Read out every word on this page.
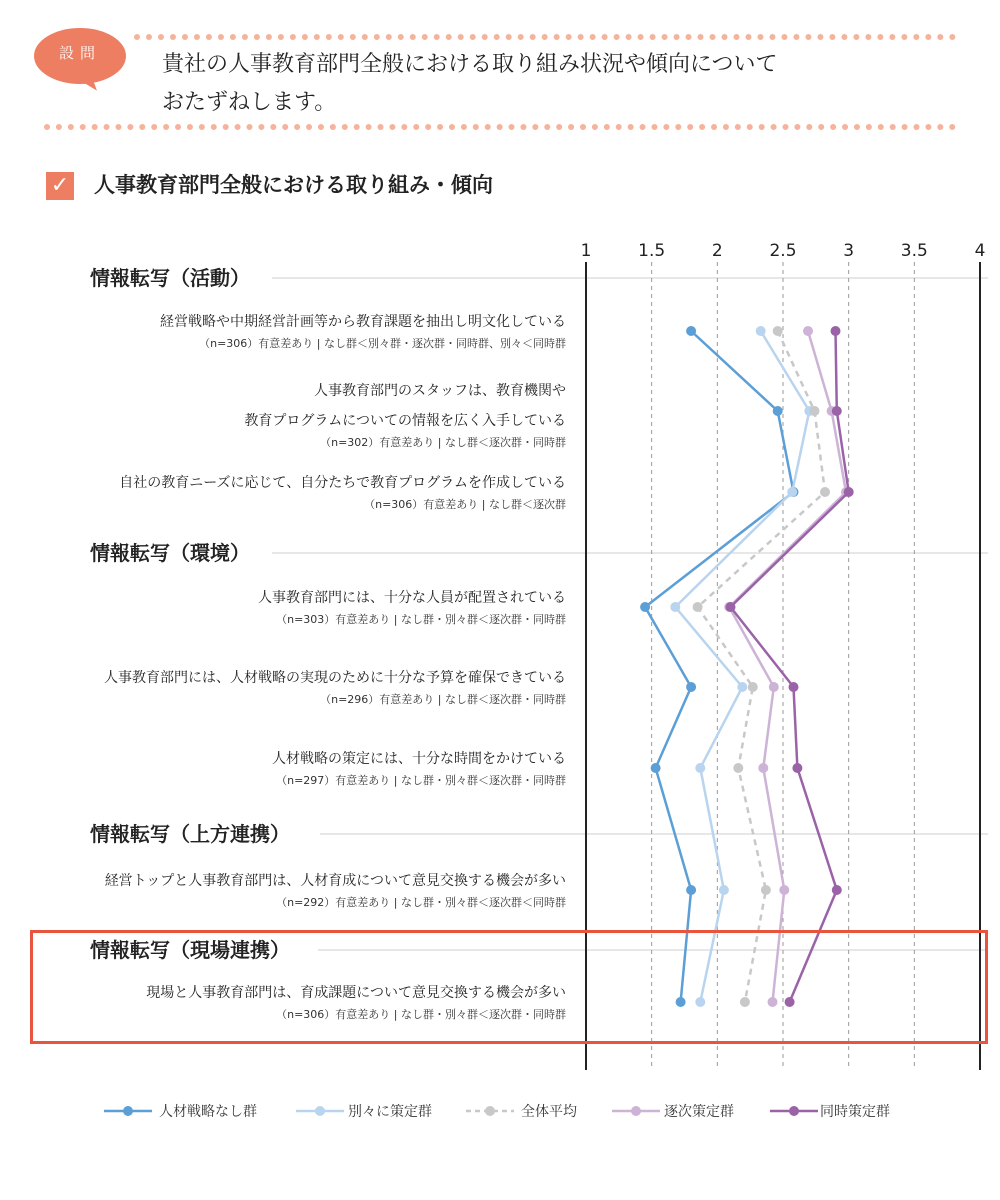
設問	貴社の人事教育部門全般における取り組み状況や傾向について
おたずねします。
✓ 人事教育部門全般における取り組み・傾向
情報転写（活動）
情報転写（環境）
情報転写（上方連携）
情報転写（現場連携）
1	1.5	2	2.5	3	3.5	4
経営戦略や中期経営計画等から教育課題を抽出し明文化している
（n=306）有意差あり | なし群＜別々群・逐次群・同時群、別々＜同時群
人事教育部門のスタッフは、教育機関や
教育プログラムについての情報を広く入手している
（n=302）有意差あり | なし群＜逐次群・同時群
自社の教育ニーズに応じて、自分たちで教育プログラムを作成している
（n=306）有意差あり | なし群＜逐次群
人事教育部門には、十分な人員が配置されている
（n=303）有意差あり | なし群・別々群＜逐次群・同時群
人事教育部門には、人材戦略の実現のために十分な予算を確保できている
（n=296）有意差あり | なし群＜逐次群・同時群
人材戦略の策定には、十分な時間をかけている
（n=297）有意差あり | なし群・別々群＜逐次群・同時群
経営トップと人事教育部門は、人材育成について意見交換する機会が多い
（n=292）有意差あり | なし群・別々群＜逐次群＜同時群
現場と人事教育部門は、育成課題について意見交換する機会が多い
（n=306）有意差あり | なし群・別々群＜逐次群・同時群
人材戦略なし群	別々に策定群	全体平均	逐次策定群	同時策定群
